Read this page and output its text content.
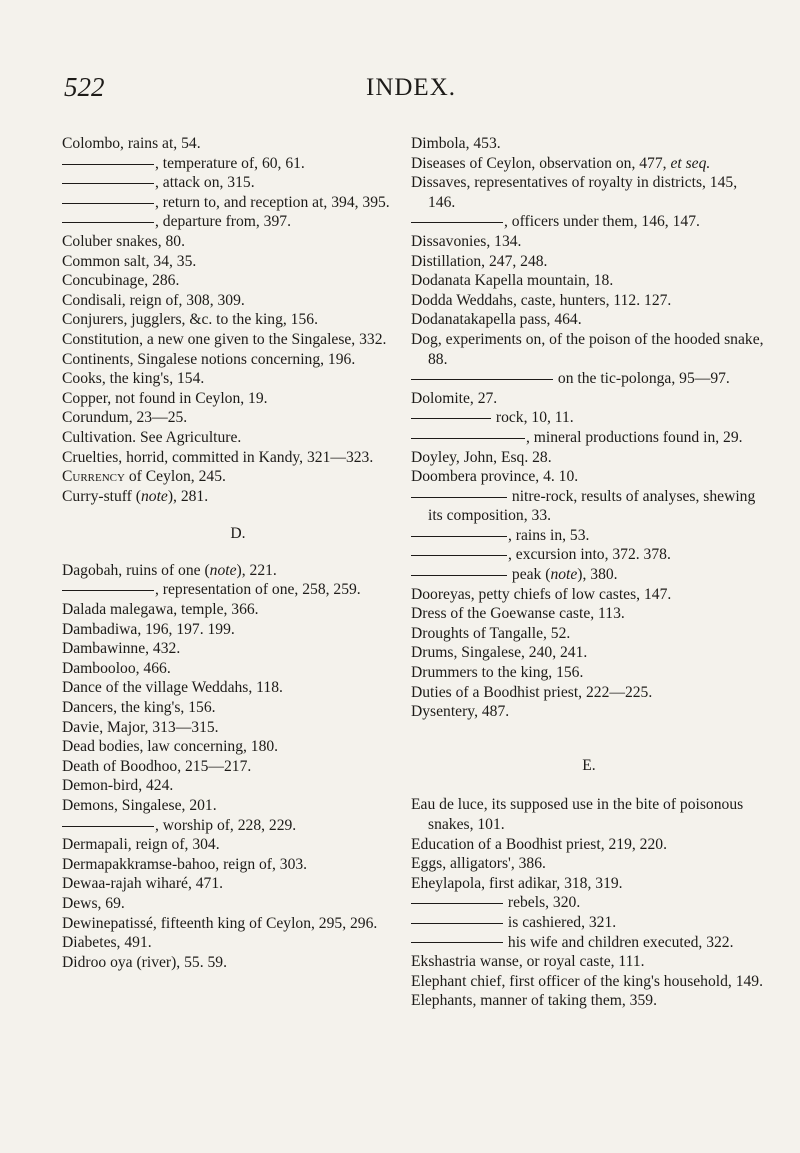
522	INDEX.
Colombo, rains at, 54.
, temperature of, 60, 61.
, attack on, 315.
, return to, and reception at, 394, 395.
, departure from, 397.
Coluber snakes, 80.
Common salt, 34, 35.
Concubinage, 286.
Condisali, reign of, 308, 309.
Conjurers, jugglers, &c. to the king, 156.
Constitution, a new one given to the Singalese, 332.
Continents, Singalese notions concerning, 196.
Cooks, the king's, 154.
Copper, not found in Ceylon, 19.
Corundum, 23—25.
Cultivation. See Agriculture.
Cruelties, horrid, committed in Kandy, 321—323.
Currency of Ceylon, 245.
Curry-stuff (note), 281.
D.
Dagobah, ruins of one (note), 221.
, representation of one, 258, 259.
Dalada malegawa, temple, 366.
Dambadiwa, 196, 197. 199.
Dambawinne, 432.
Dambooloo, 466.
Dance of the village Weddahs, 118.
Dancers, the king's, 156.
Davie, Major, 313—315.
Dead bodies, law concerning, 180.
Death of Boodhoo, 215—217.
Demon-bird, 424.
Demons, Singalese, 201.
, worship of, 228, 229.
Dermapali, reign of, 304.
Dermapakkramse-bahoo, reign of, 303.
Dewaa-rajah wiharé, 471.
Dews, 69.
Dewinepatissé, fifteenth king of Ceylon, 295, 296.
Diabetes, 491.
Didroo oya (river), 55. 59.
Dimbola, 453.
Diseases of Ceylon, observation on, 477, et seq.
Dissaves, representatives of royalty in districts, 145, 146.
, officers under them, 146, 147.
Dissavonies, 134.
Distillation, 247, 248.
Dodanata Kapella mountain, 18.
Dodda Weddahs, caste, hunters, 112. 127.
Dodanatakapella pass, 464.
Dog, experiments on, of the poison of the hooded snake, 88.
on the tic-polonga, 95—97.
Dolomite, 27.
rock, 10, 11.
, mineral productions found in, 29.
Doyley, John, Esq. 28.
Doombera province, 4. 10.
nitre-rock, results of analyses, shewing its composition, 33.
, rains in, 53.
, excursion into, 372. 378.
peak (note), 380.
Dooreyas, petty chiefs of low castes, 147.
Dress of the Goewanse caste, 113.
Droughts of Tangalle, 52.
Drums, Singalese, 240, 241.
Drummers to the king, 156.
Duties of a Boodhist priest, 222—225.
Dysentery, 487.
E.
Eau de luce, its supposed use in the bite of poisonous snakes, 101.
Education of a Boodhist priest, 219, 220.
Eggs, alligators', 386.
Eheylapola, first adikar, 318, 319.
rebels, 320.
is cashiered, 321.
his wife and children executed, 322.
Ekshastria wanse, or royal caste, 111.
Elephant chief, first officer of the king's household, 149.
Elephants, manner of taking them, 359.
